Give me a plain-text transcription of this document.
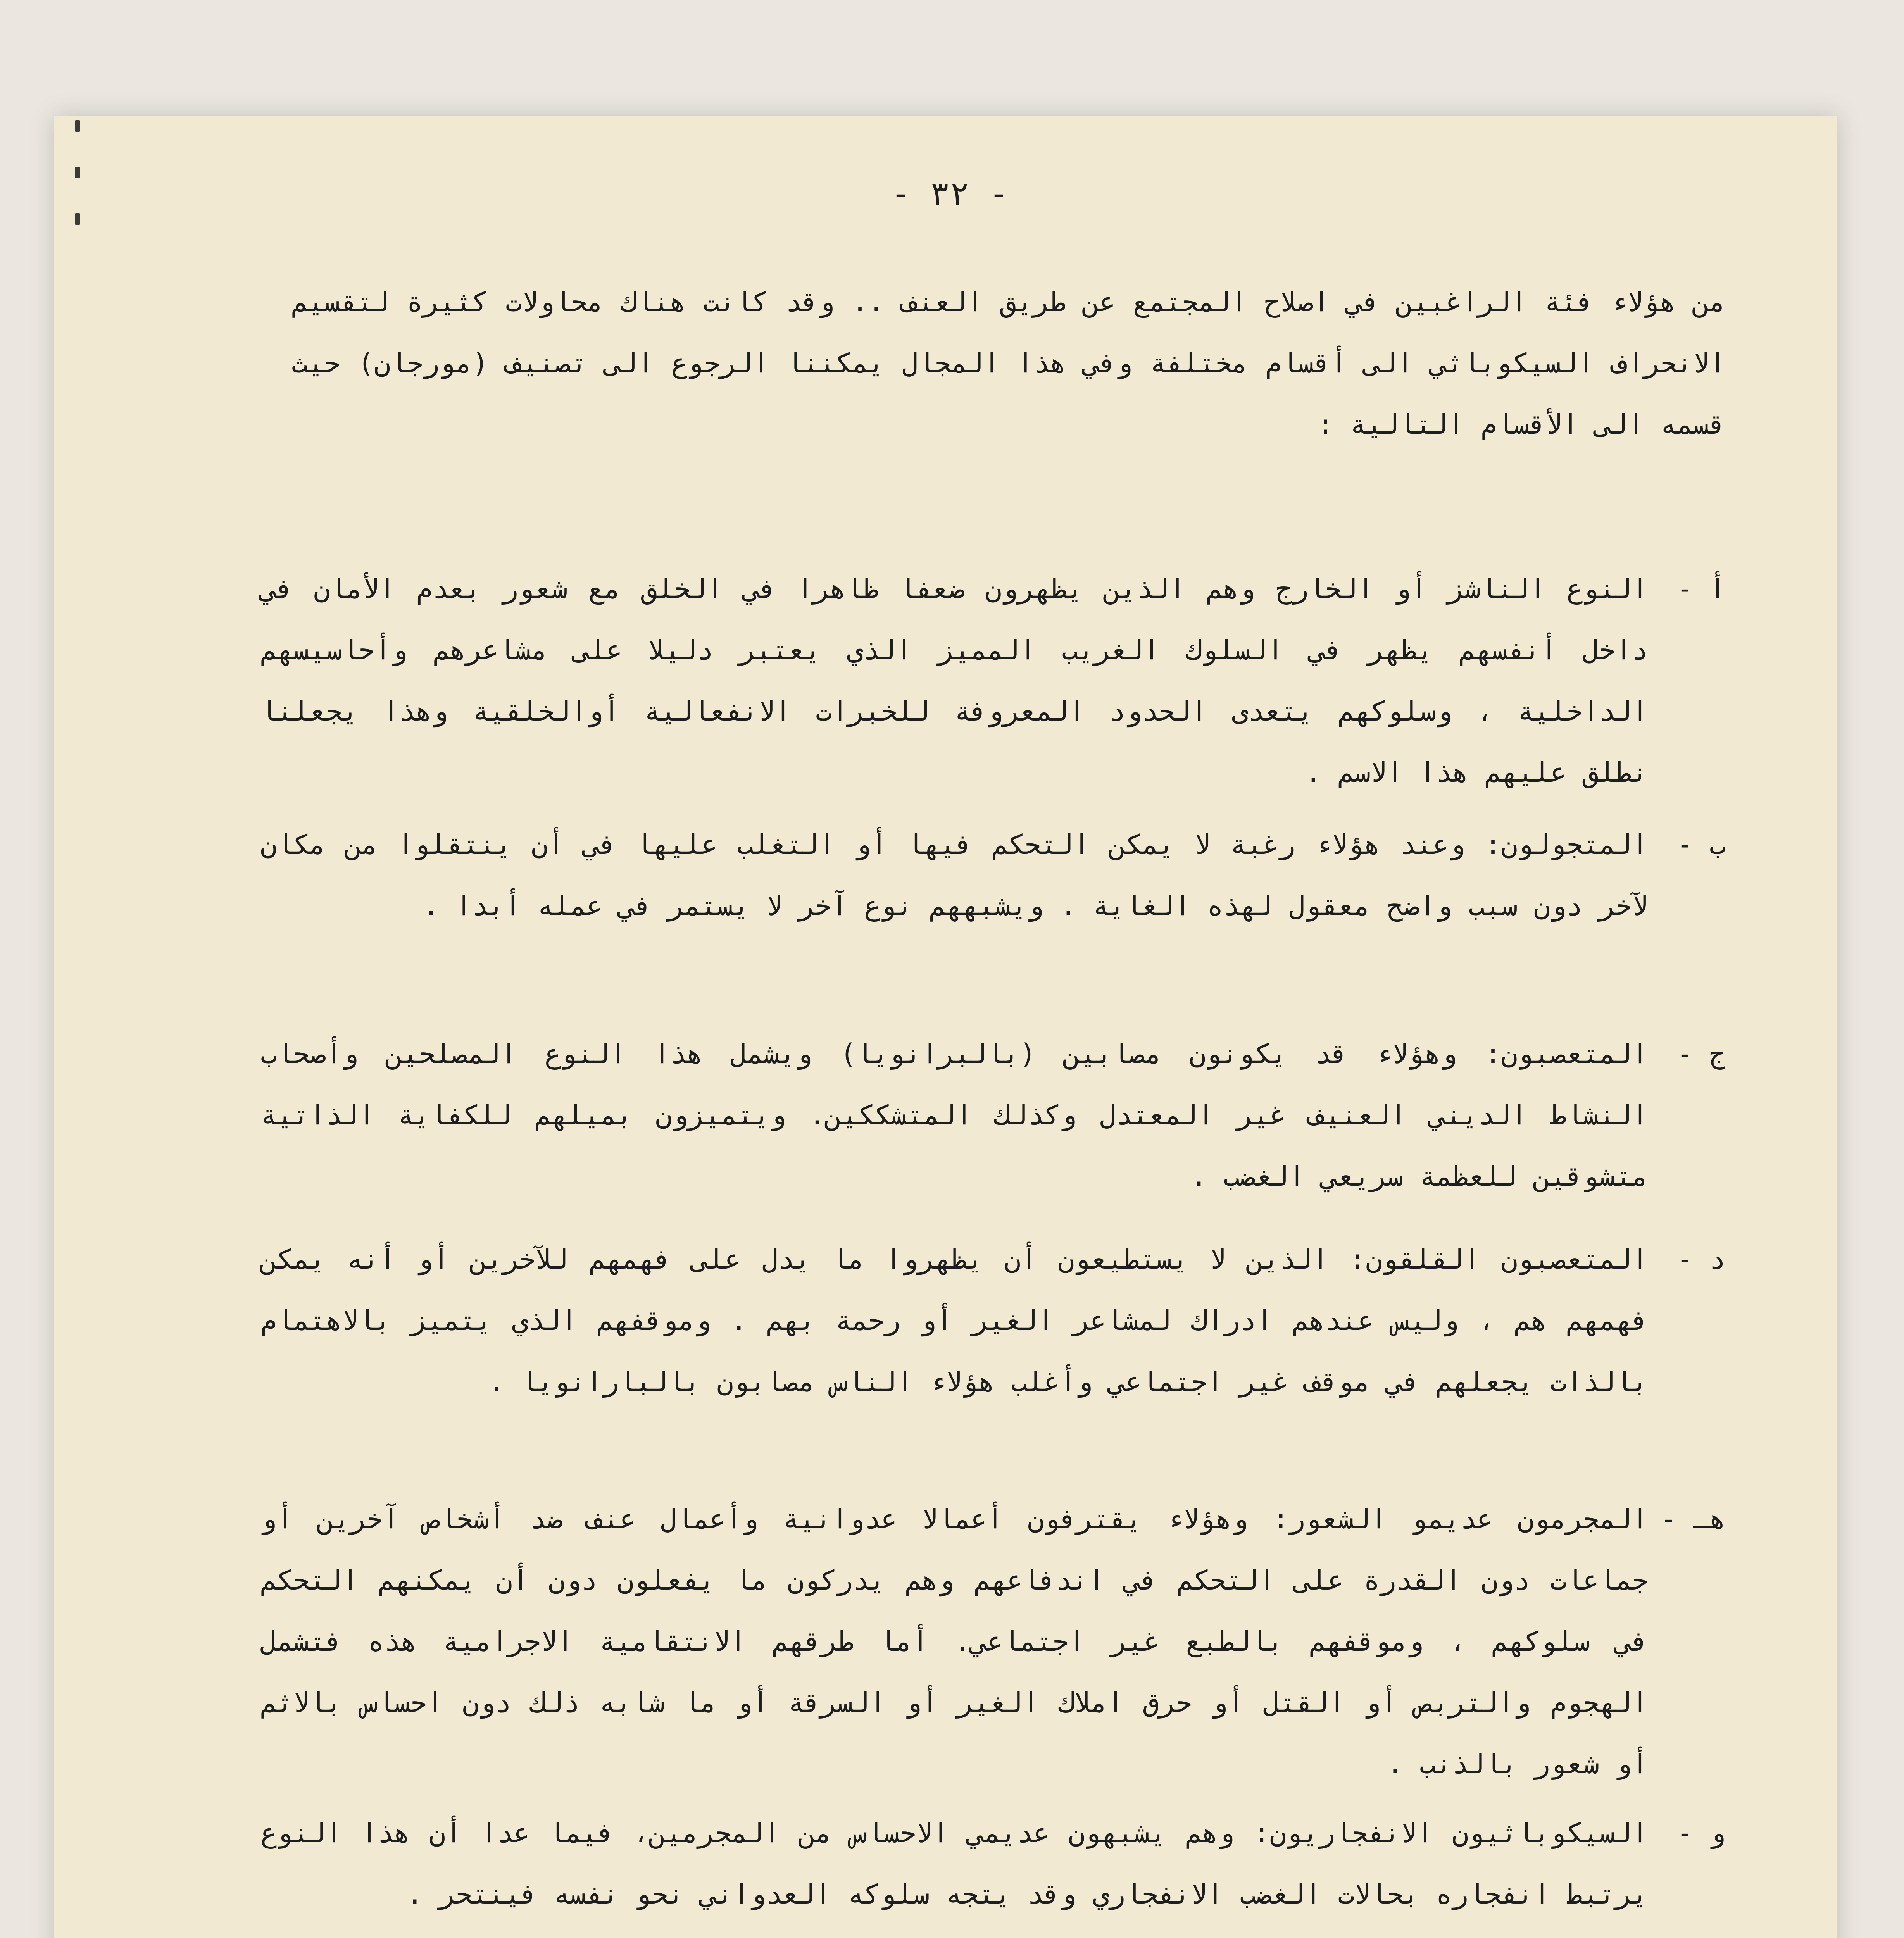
- ٣٢ -
من هؤلاء فئة الراغبين في اصلاح المجتمع عن طريق العنف .. وقد كانت هناك محاولات كثيرة لتقسيم الانحراف السيكوباثي الى أقسام مختلفة وفي هذا المجال يمكننا الرجوع الى تصنيف (مورجان) حيث قسمه الى الأقسام التالية :
أ -
النوع الناشز أو الخارج وهم الذين يظهرون ضعفا ظاهرا في الخلق مع شعور بعدم الأمان في داخل أنفسهم يظهر في السلوك الغريب المميز الذي يعتبر دليلا على مشاعرهم وأحاسيسهم الداخلية ، وسلوكهم يتعدى الحدود المعروفة للخبرات الانفعالية أوالخلقية وهذا يجعلنا نطلق عليهم هذا الاسم .
ب -
المتجولون: وعند هؤلاء رغبة لا يمكن التحكم فيها أو التغلب عليها في أن ينتقلوا من مكان لآخر دون سبب واضح معقول لهذه الغاية . ويشبههم نوع آخر لا يستمر في عمله أبدا .
ج -
المتعصبون: وهؤلاء قد يكونون مصابين (بالبرانويا) ويشمل هذا النوع المصلحين وأصحاب النشاط الديني العنيف غير المعتدل وكذلك المتشككين. ويتميزون بميلهم للكفاية الذاتية متشوقين للعظمة سريعي الغضب .
د -
المتعصبون القلقون: الذين لا يستطيعون أن يظهروا ما يدل على فهمهم للآخرين أو أنه يمكن فهمهم هم ، وليس عندهم ادراك لمشاعر الغير أو رحمة بهم . وموقفهم الذي يتميز بالاهتمام بالذات يجعلهم في موقف غير اجتماعي وأغلب هؤلاء الناس مصابون بالبارانويا .
هـ -
المجرمون عديمو الشعور: وهؤلاء يقترفون أعمالا عدوانية وأعمال عنف ضد أشخاص آخرين أو جماعات دون القدرة على التحكم في اندفاعهم وهم يدركون ما يفعلون دون أن يمكنهم التحكم في سلوكهم ، وموقفهم بالطبع غير اجتماعي. أما طرقهم الانتقامية الاجرامية هذه فتشمل الهجوم والتربص أو القتل أو حرق املاك الغير أو السرقة أو ما شابه ذلك دون احساس بالاثم أو شعور بالذنب .
و -
السيكوباثيون الانفجاريون: وهم يشبهون عديمي الاحساس من المجرمين، فيما عدا أن هذا النوع يرتبط انفجاره بحالات الغضب الانفجاري وقد يتجه سلوكه العدواني نحو نفسه فينتحر .
